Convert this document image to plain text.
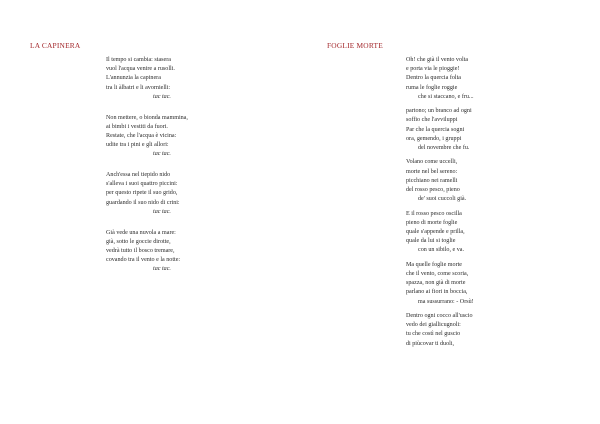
LA CAPINERA
Il tempo si cambia: stasera
vuol l'acqua venire a rusolli.
L'annunzia la capinera
tra li àlbatri e li avornielli:
tac tac.
Non mettere, o bionda mammina,
ai bimbi i vestiti da fuori.
Restate, che l'acqua è vicina:
udite tra i pini e gli allori:
tac tac.
Anch'essa nel tiepido nido
s'alleva i suoi quattro piccini:
per questo ripete il suo grido,
guardando il suo nido di crini:
tac tac.
Già vede una nuvola a mare:
già, sotto le goccie dirotte,
vedrà tutto il bosco tremare,
covando tra il vento e la notte:
tac tac.
FOGLIE MORTE
Oh! che già il vento volta
e porta via le pioggie!
Dentro la quercia folta
ruma le foglie roggie
che si staccano, e fru...
partono; un branco ad ogni
soffio che l'avviluppi
Par che la quercia sogni
ora, gemendo, i gruppi
del novembre che fu.
Volano come uccelli,
morte nel bel sereno:
picchiano nei ramelli
del rosso pesco, pieno
de' suoi cuccoli già.
E il rosso pesco oscilla
pieno di morte foglie
quale s'appende e prilla,
quale da lui si toglie
con un sibilo, e va.
Ma quelle foglie morte
che il vento, come scoria,
spazza, non già di morte
parlano ai fiori in boccia,
ma sussurrano: - Orsù!
Dentro ogni cocco all'uscio
vedo dei giallicugnoli:
tu che costì nel guscio
di piùcovar ti duoli,
